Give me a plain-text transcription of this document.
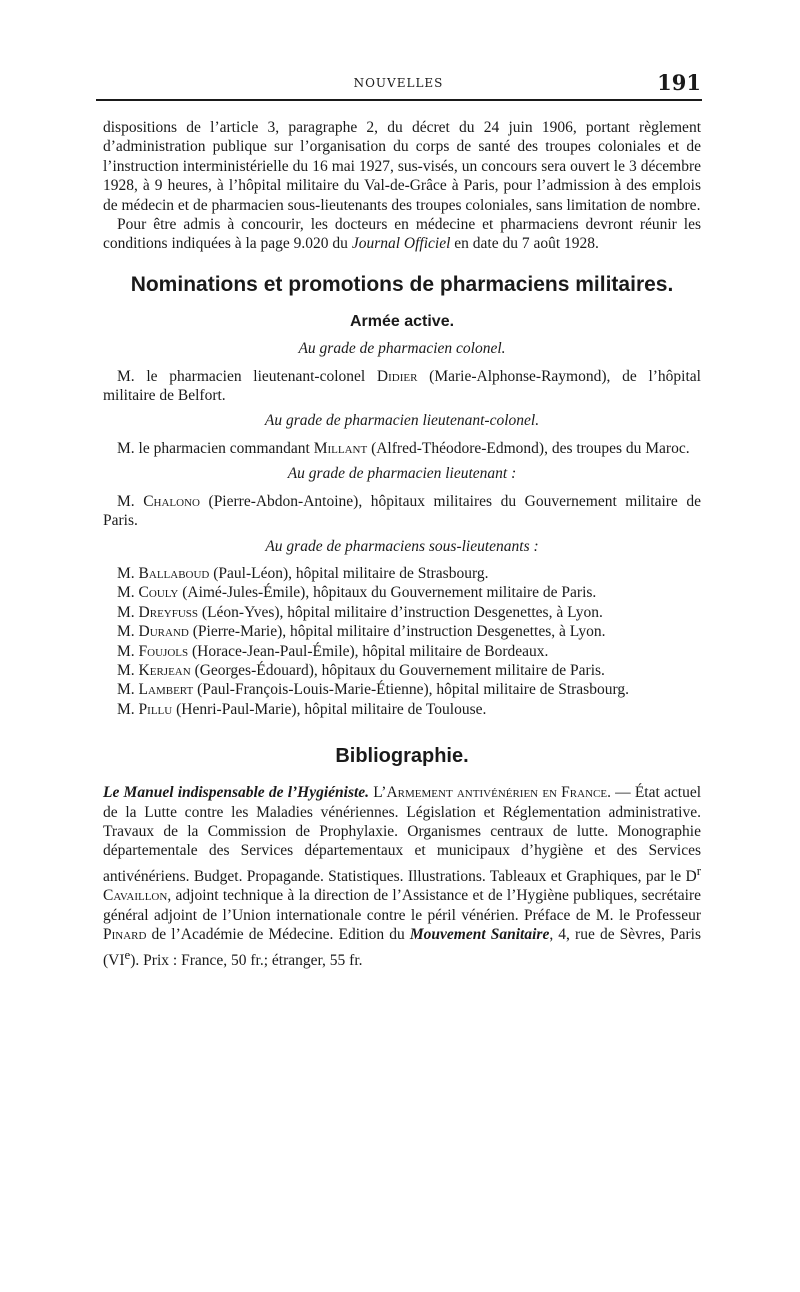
NOUVELLES	191

dispositions de l’article 3, paragraphe 2, du décret du 24 juin 1906, portant règlement d’administration publique sur l’organisation du corps de santé des troupes coloniales et de l’instruction interministérielle du 16 mai 1927, sus-visés, un concours sera ouvert le 3 décembre 1928, à 9 heures, à l’hôpital militaire du Val-de-Grâce à Paris, pour l’admission à des emplois de médecin et de pharmacien sous-lieutenants des troupes coloniales, sans limitation de nombre.

Pour être admis à concourir, les docteurs en médecine et pharmaciens devront réunir les conditions indiquées à la page 9.020 du Journal Officiel en date du 7 août 1928.

Nominations et promotions de pharmaciens militaires.
Armée active.
Au grade de pharmacien colonel.

M. le pharmacien lieutenant-colonel Didier (Marie-Alphonse-Raymond), de l’hôpital militaire de Belfort.

Au grade de pharmacien lieutenant-colonel.

M. le pharmacien commandant Millant (Alfred-Théodore-Edmond), des troupes du Maroc.

Au grade de pharmacien lieutenant :

M. Chalono (Pierre-Abdon-Antoine), hôpitaux militaires du Gouvernement militaire de Paris.

Au grade de pharmaciens sous-lieutenants :

M. Ballaboud (Paul-Léon), hôpital militaire de Strasbourg.

M. Couly (Aimé-Jules-Émile), hôpitaux du Gouvernement militaire de Paris.

M. Dreyfuss (Léon-Yves), hôpital militaire d’instruction Desgenettes, à Lyon.

M. Durand (Pierre-Marie), hôpital militaire d’instruction Desgenettes, à Lyon.

M. Foujols (Horace-Jean-Paul-Émile), hôpital militaire de Bordeaux.

M. Kerjean (Georges-Édouard), hôpitaux du Gouvernement militaire de Paris.

M. Lambert (Paul-François-Louis-Marie-Étienne), hôpital militaire de Strasbourg.

M. Pillu (Henri-Paul-Marie), hôpital militaire de Toulouse.

Bibliographie.

Le Manuel indispensable de l’Hygiéniste. L’Armement antivénérien en France. — État actuel de la Lutte contre les Maladies vénériennes. Législation et Réglementation administrative. Travaux de la Commission de Prophylaxie. Organismes centraux de lutte. Monographie départementale des Services départementaux et municipaux d’hygiène et des Services antivénériens. Budget. Propagande. Statistiques. Illustrations. Tableaux et Graphiques, par le $D^r$ Cavaillon, adjoint technique à la direction de l’Assistance et de l’Hygiène publiques, secrétaire général adjoint de l’Union internationale contre le péril vénérien. Préface de M. le Professeur Pinard de l’Académie de Médecine. Edition du Mouvement Sanitaire, 4, rue de Sèvres, Paris (VIe). Prix : France, 50 fr.; étranger, 55 fr.
